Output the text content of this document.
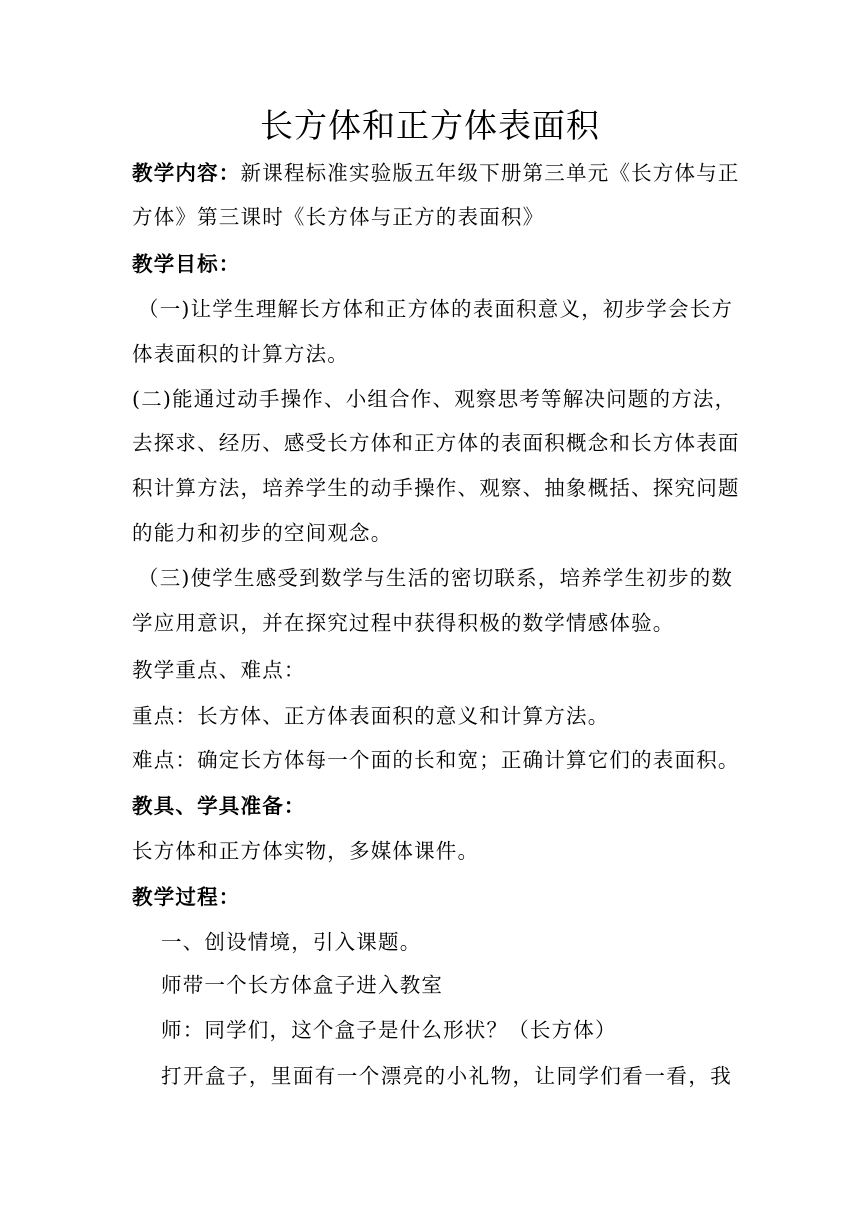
长方体和正方体表面积
教学内容：新课程标准实验版五年级下册第三单元《长方体与正
方体》第三课时《长方体与正方的表面积》
教学目标：
（一)让学生理解长方体和正方体的表面积意义，初步学会长方
体表面积的计算方法。
(二)能通过动手操作、小组合作、观察思考等解决问题的方法，
去探求、经历、感受长方体和正方体的表面积概念和长方体表面
积计算方法，培养学生的动手操作、观察、抽象概括、探究问题
的能力和初步的空间观念。
（三)使学生感受到数学与生活的密切联系，培养学生初步的数
学应用意识，并在探究过程中获得积极的数学情感体验。
教学重点、难点：
重点：长方体、正方体表面积的意义和计算方法。
难点：确定长方体每一个面的长和宽；正确计算它们的表面积。
教具、学具准备：
长方体和正方体实物，多媒体课件。
教学过程：
一、创设情境，引入课题。
师带一个长方体盒子进入教室
师：同学们，这个盒子是什么形状？（长方体）
打开盒子，里面有一个漂亮的小礼物，让同学们看一看，我
